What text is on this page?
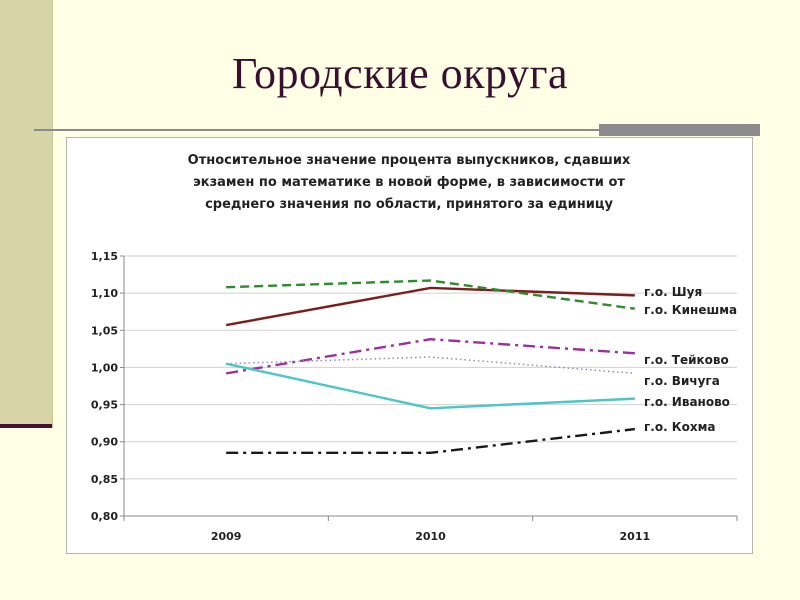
Городские округа
Относительное значение процента выпускников, сдавших
экзамен по математике в новой форме, в зависимости от
среднего значения по области, принятого за единицу
0,80
0,85
0,90
0,95
1,00
1,05
1,10
1,15
2009	2010	2011
г.о. Шуя
г.о. Кинешма
г.о. Тейково
г.о. Вичуга
г.о. Иваново
г.о. Кохма
